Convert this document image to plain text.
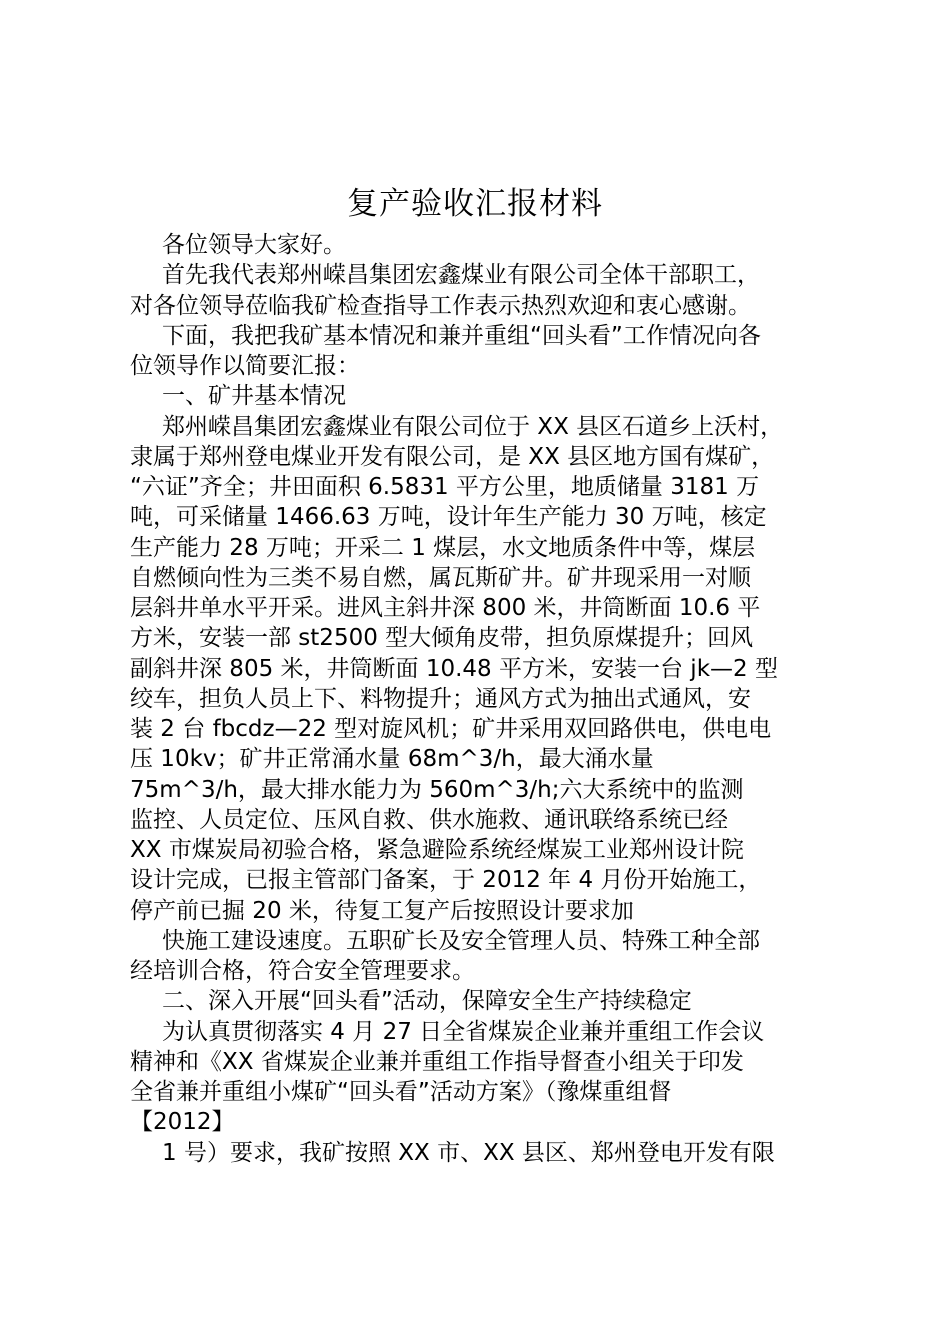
复产验收汇报材料
各位领导大家好。
首先我代表郑州嵘昌集团宏鑫煤业有限公司全体干部职工，
对各位领导莅临我矿检查指导工作表示热烈欢迎和衷心感谢。
下面，我把我矿基本情况和兼并重组“回头看”工作情况向各
位领导作以简要汇报：
一、矿井基本情况
郑州嵘昌集团宏鑫煤业有限公司位于 XX 县区石道乡上沃村，
隶属于郑州登电煤业开发有限公司，是 XX 县区地方国有煤矿，
“六证”齐全；井田面积 6.5831 平方公里，地质储量 3181 万
吨，可采储量 1466.63 万吨，设计年生产能力 30 万吨，核定
生产能力 28 万吨；开采二 1 煤层，水文地质条件中等，煤层
自燃倾向性为三类不易自燃，属瓦斯矿井。矿井现采用一对顺
层斜井单水平开采。进风主斜井深 800 米，井筒断面 10.6 平
方米，安装一部 st2500 型大倾角皮带，担负原煤提升；回风
副斜井深 805 米，井筒断面 10.48 平方米，安装一台 jk—2 型
绞车，担负人员上下、料物提升；通风方式为抽出式通风，安
装 2 台 fbcdz—22 型对旋风机；矿井采用双回路供电，供电电
压 10kv；矿井正常涌水量 68m^3/h，最大涌水量
75m^3/h，最大排水能力为 560m^3/h;六大系统中的监测
监控、人员定位、压风自救、供水施救、通讯联络系统已经
XX 市煤炭局初验合格，紧急避险系统经煤炭工业郑州设计院
设计完成，已报主管部门备案，于 2012 年 4 月份开始施工，
停产前已掘 20 米，待复工复产后按照设计要求加
快施工建设速度。五职矿长及安全管理人员、特殊工种全部
经培训合格，符合安全管理要求。
二、深入开展“回头看”活动，保障安全生产持续稳定
为认真贯彻落实 4 月 27 日全省煤炭企业兼并重组工作会议
精神和《XX 省煤炭企业兼并重组工作指导督查小组关于印发
全省兼并重组小煤矿“回头看”活动方案》（豫煤重组督
【2012】
1 号）要求，我矿按照 XX 市、XX 县区、郑州登电开发有限
